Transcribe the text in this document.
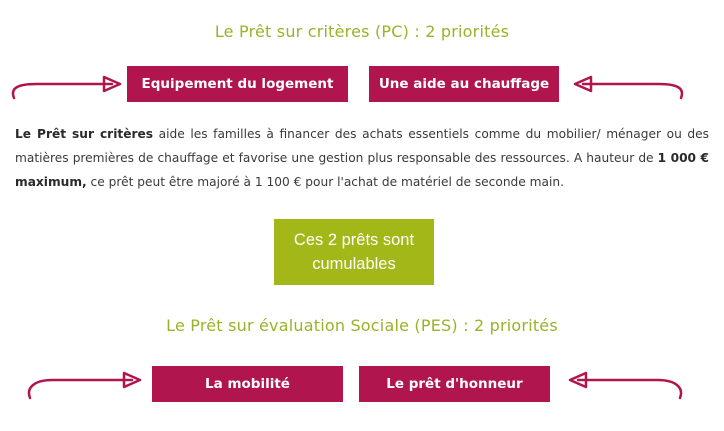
Le Prêt sur critères (PC) : 2 priorités
Equipement du logement	Une aide au chauffage
Le Prêt sur critères aide les familles à financer des achats essentiels comme du mobilier/ ménager ou des matières premières de chauffage et favorise une gestion plus responsable des ressources. A hauteur de 1 000 € maximum, ce prêt peut être majoré à 1 100 € pour l'achat de matériel de seconde main.
Ces 2 prêts sont
cumulables
Le Prêt sur évaluation Sociale (PES) : 2 priorités
La mobilité	Le prêt d'honneur
